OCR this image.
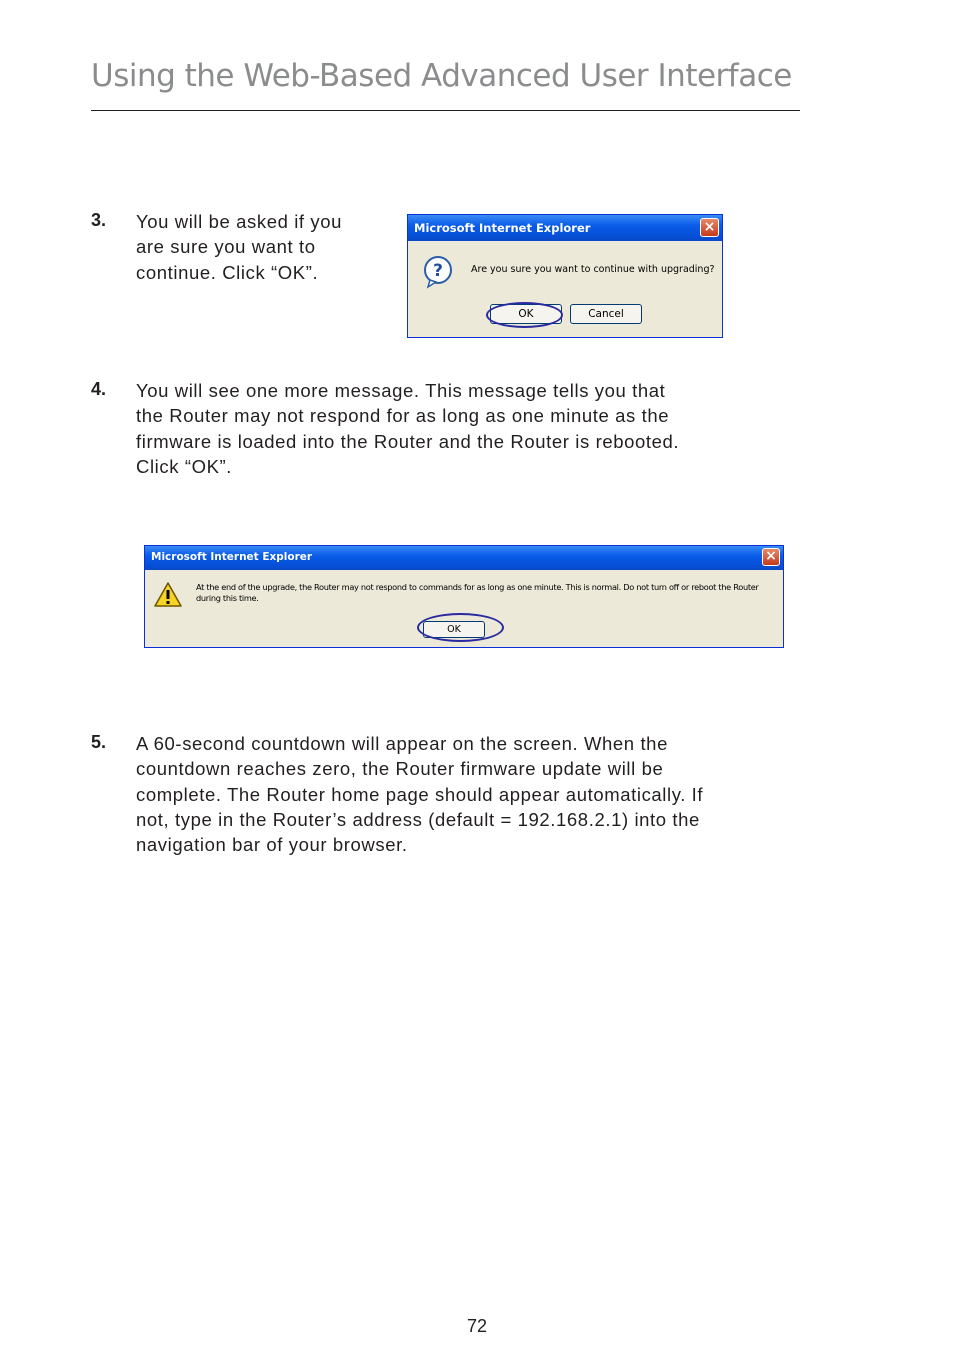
Using the Web-Based Advanced User Interface
3. You will be asked if you
are sure you want to
continue. Click “OK”.
Microsoft Internet Explorer	×
?	Are you sure you want to continue with upgrading?
OK	Cancel
4. You will see one more message. This message tells you that
the Router may not respond for as long as one minute as the
firmware is loaded into the Router and the Router is rebooted.
Click “OK”.
Microsoft Internet Explorer	×
At the end of the upgrade, the Router may not respond to commands for as long as one minute. This is normal. Do not turn off or reboot the Router
during this time.
OK
5. A 60-second countdown will appear on the screen. When the
countdown reaches zero, the Router firmware update will be
complete. The Router home page should appear automatically. If
not, type in the Router’s address (default = 192.168.2.1) into the
navigation bar of your browser.
72
